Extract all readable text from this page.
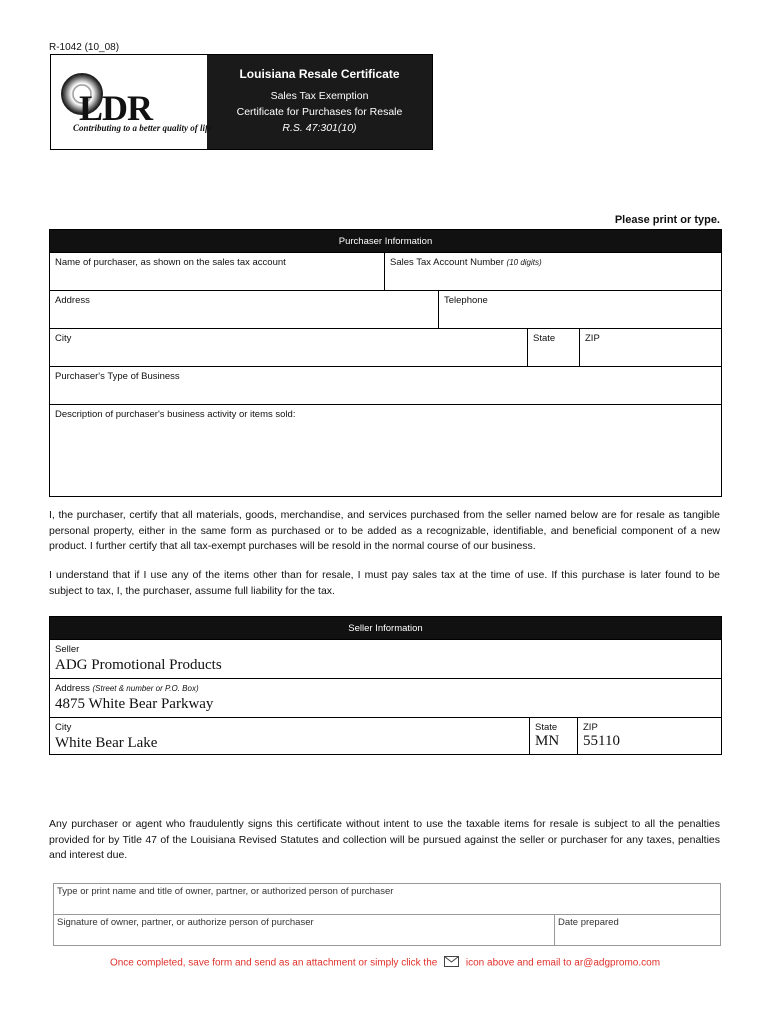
R-1042 (10_08)
LDR
Contributing to a better quality of life
Louisiana Resale Certificate
Sales Tax Exemption
Certificate for Purchases for Resale
R.S. 47:301(10)
Please print or type.
Purchaser Information
Name of purchaser, as shown on the sales tax account	Sales Tax Account Number (10 digits)
Address	Telephone
City	State	ZIP
Purchaser's Type of Business
Description of purchaser's business activity or items sold:
I, the purchaser, certify that all materials, goods, merchandise, and services purchased from the seller named below are for resale as tangible personal property, either in the same form as purchased or to be added as a recognizable, identifiable, and beneficial component of a new product. I further certify that all tax-exempt purchases will be resold in the normal course of our business.
I understand that if I use any of the items other than for resale, I must pay sales tax at the time of use. If this purchase is later found to be subject to tax, I, the purchaser, assume full liability for the tax.
Seller Information
Seller
ADG Promotional Products
Address (Street & number or P.O. Box)
4875 White Bear Parkway
City
White Bear Lake
State
MN
ZIP
55110
Any purchaser or agent who fraudulently signs this certificate without intent to use the taxable items for resale is subject to all the penalties provided for by Title 47 of the Louisiana Revised Statutes and collection will be pursued against the seller or purchaser for any taxes, penalties and interest due.
Type or print name and title of owner, partner, or authorized person of purchaser
Signature of owner, partner, or authorize person of purchaser	Date prepared
Once completed, save form and send as an attachment or simply click the	icon above and email to ar@adgpromo.com
